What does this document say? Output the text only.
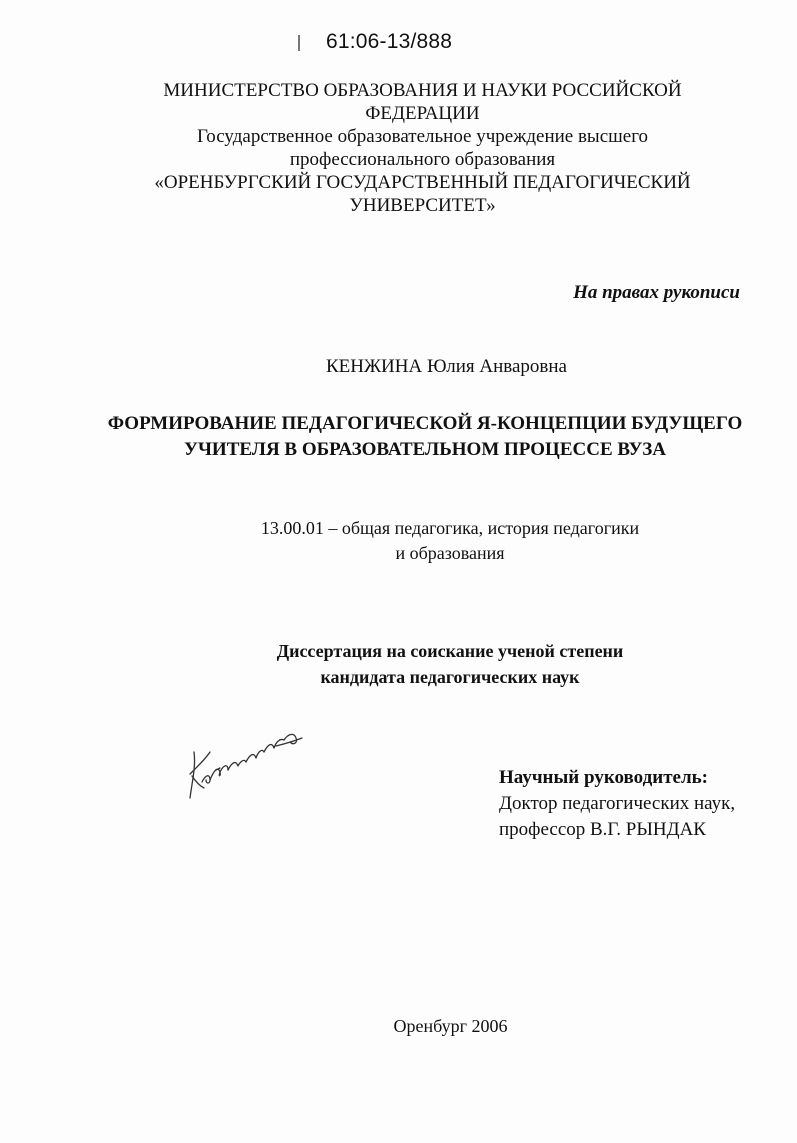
61:06-13/888
МИНИСТЕРСТВО ОБРАЗОВАНИЯ И НАУКИ РОССИЙСКОЙ
ФЕДЕРАЦИИ
Государственное образовательное учреждение высшего
профессионального образования
«ОРЕНБУРГСКИЙ ГОСУДАРСТВЕННЫЙ ПЕДАГОГИЧЕСКИЙ
УНИВЕРСИТЕТ»
На правах рукописи
КЕНЖИНА Юлия Анваровна
ФОРМИРОВАНИЕ ПЕДАГОГИЧЕСКОЙ Я-КОНЦЕПЦИИ БУДУЩЕГО
УЧИТЕЛЯ В ОБРАЗОВАТЕЛЬНОМ ПРОЦЕССЕ ВУЗА
13.00.01 – общая педагогика, история педагогики
и образования
Диссертация на соискание ученой степени
кандидата педагогических наук
Научный руководитель:
Доктор педагогических наук,
профессор В.Г. РЫНДАК
Оренбург 2006
